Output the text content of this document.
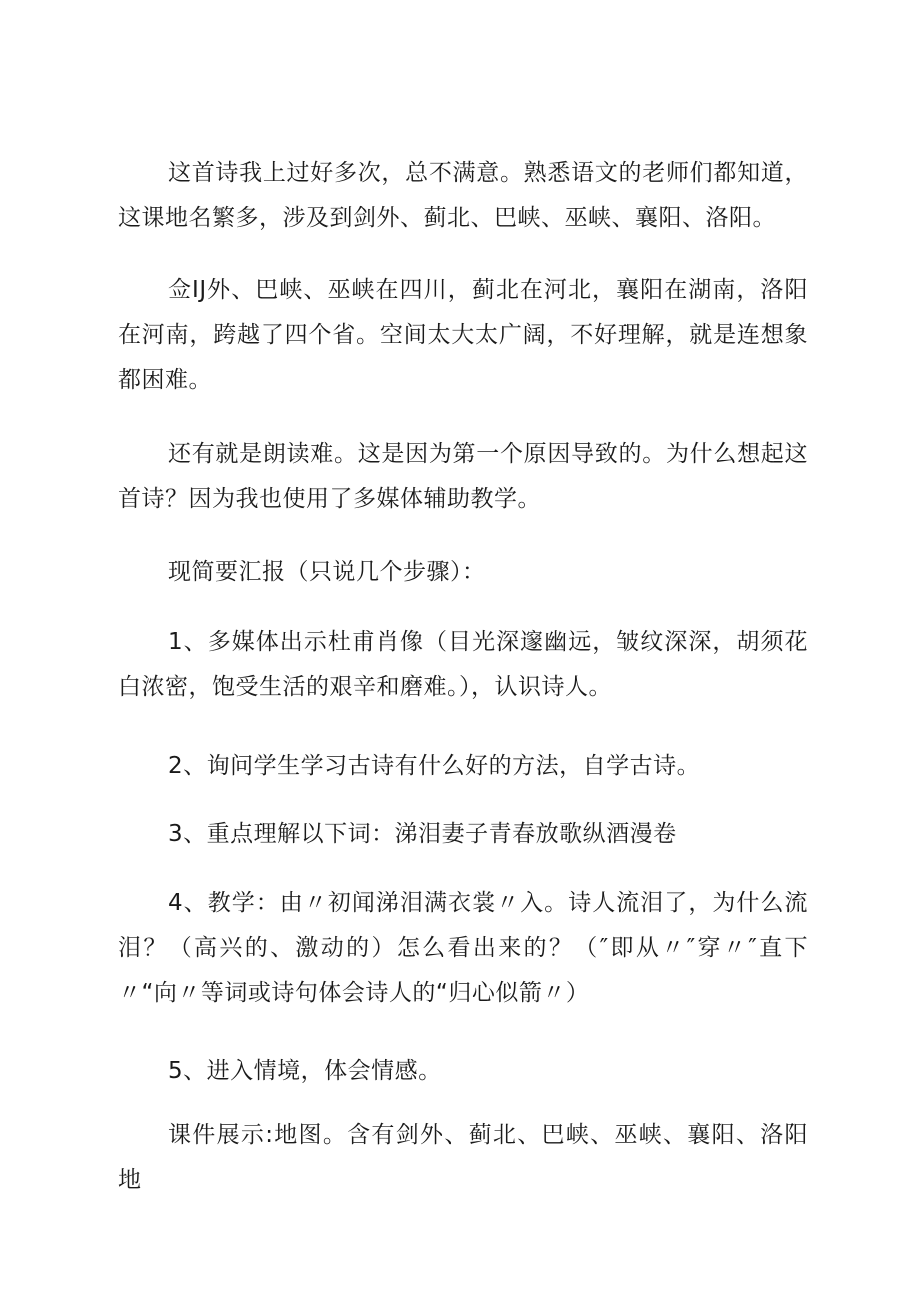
这首诗我上过好多次，总不满意。熟悉语文的老师们都知道，这课地名繁多，涉及到剑外、蓟北、巴峡、巫峡、襄阳、洛阳。

佥IJ外、巴峡、巫峡在四川，蓟北在河北，襄阳在湖南，洛阳在河南，跨越了四个省。空间太大太广阔，不好理解，就是连想象都困难。

还有就是朗读难。这是因为第一个原因导致的。为什么想起这首诗？因为我也使用了多媒体辅助教学。

现简要汇报（只说几个步骤）：

1、多媒体出示杜甫肖像（目光深邃幽远，皱纹深深，胡须花白浓密，饱受生活的艰辛和磨难。），认识诗人。

2、询问学生学习古诗有什么好的方法，自学古诗。

3、重点理解以下词：涕泪妻子青春放歌纵酒漫卷

4、教学：由〃初闻涕泪满衣裳〃入。诗人流泪了，为什么流泪？（高兴的、激动的）怎么看出来的？（″即从〃″穿〃″直下〃“向〃等词或诗句体会诗人的“归心似箭〃）

5、进入情境，体会情感。

课件展示:地图。含有剑外、蓟北、巴峡、巫峡、襄阳、洛阳地
